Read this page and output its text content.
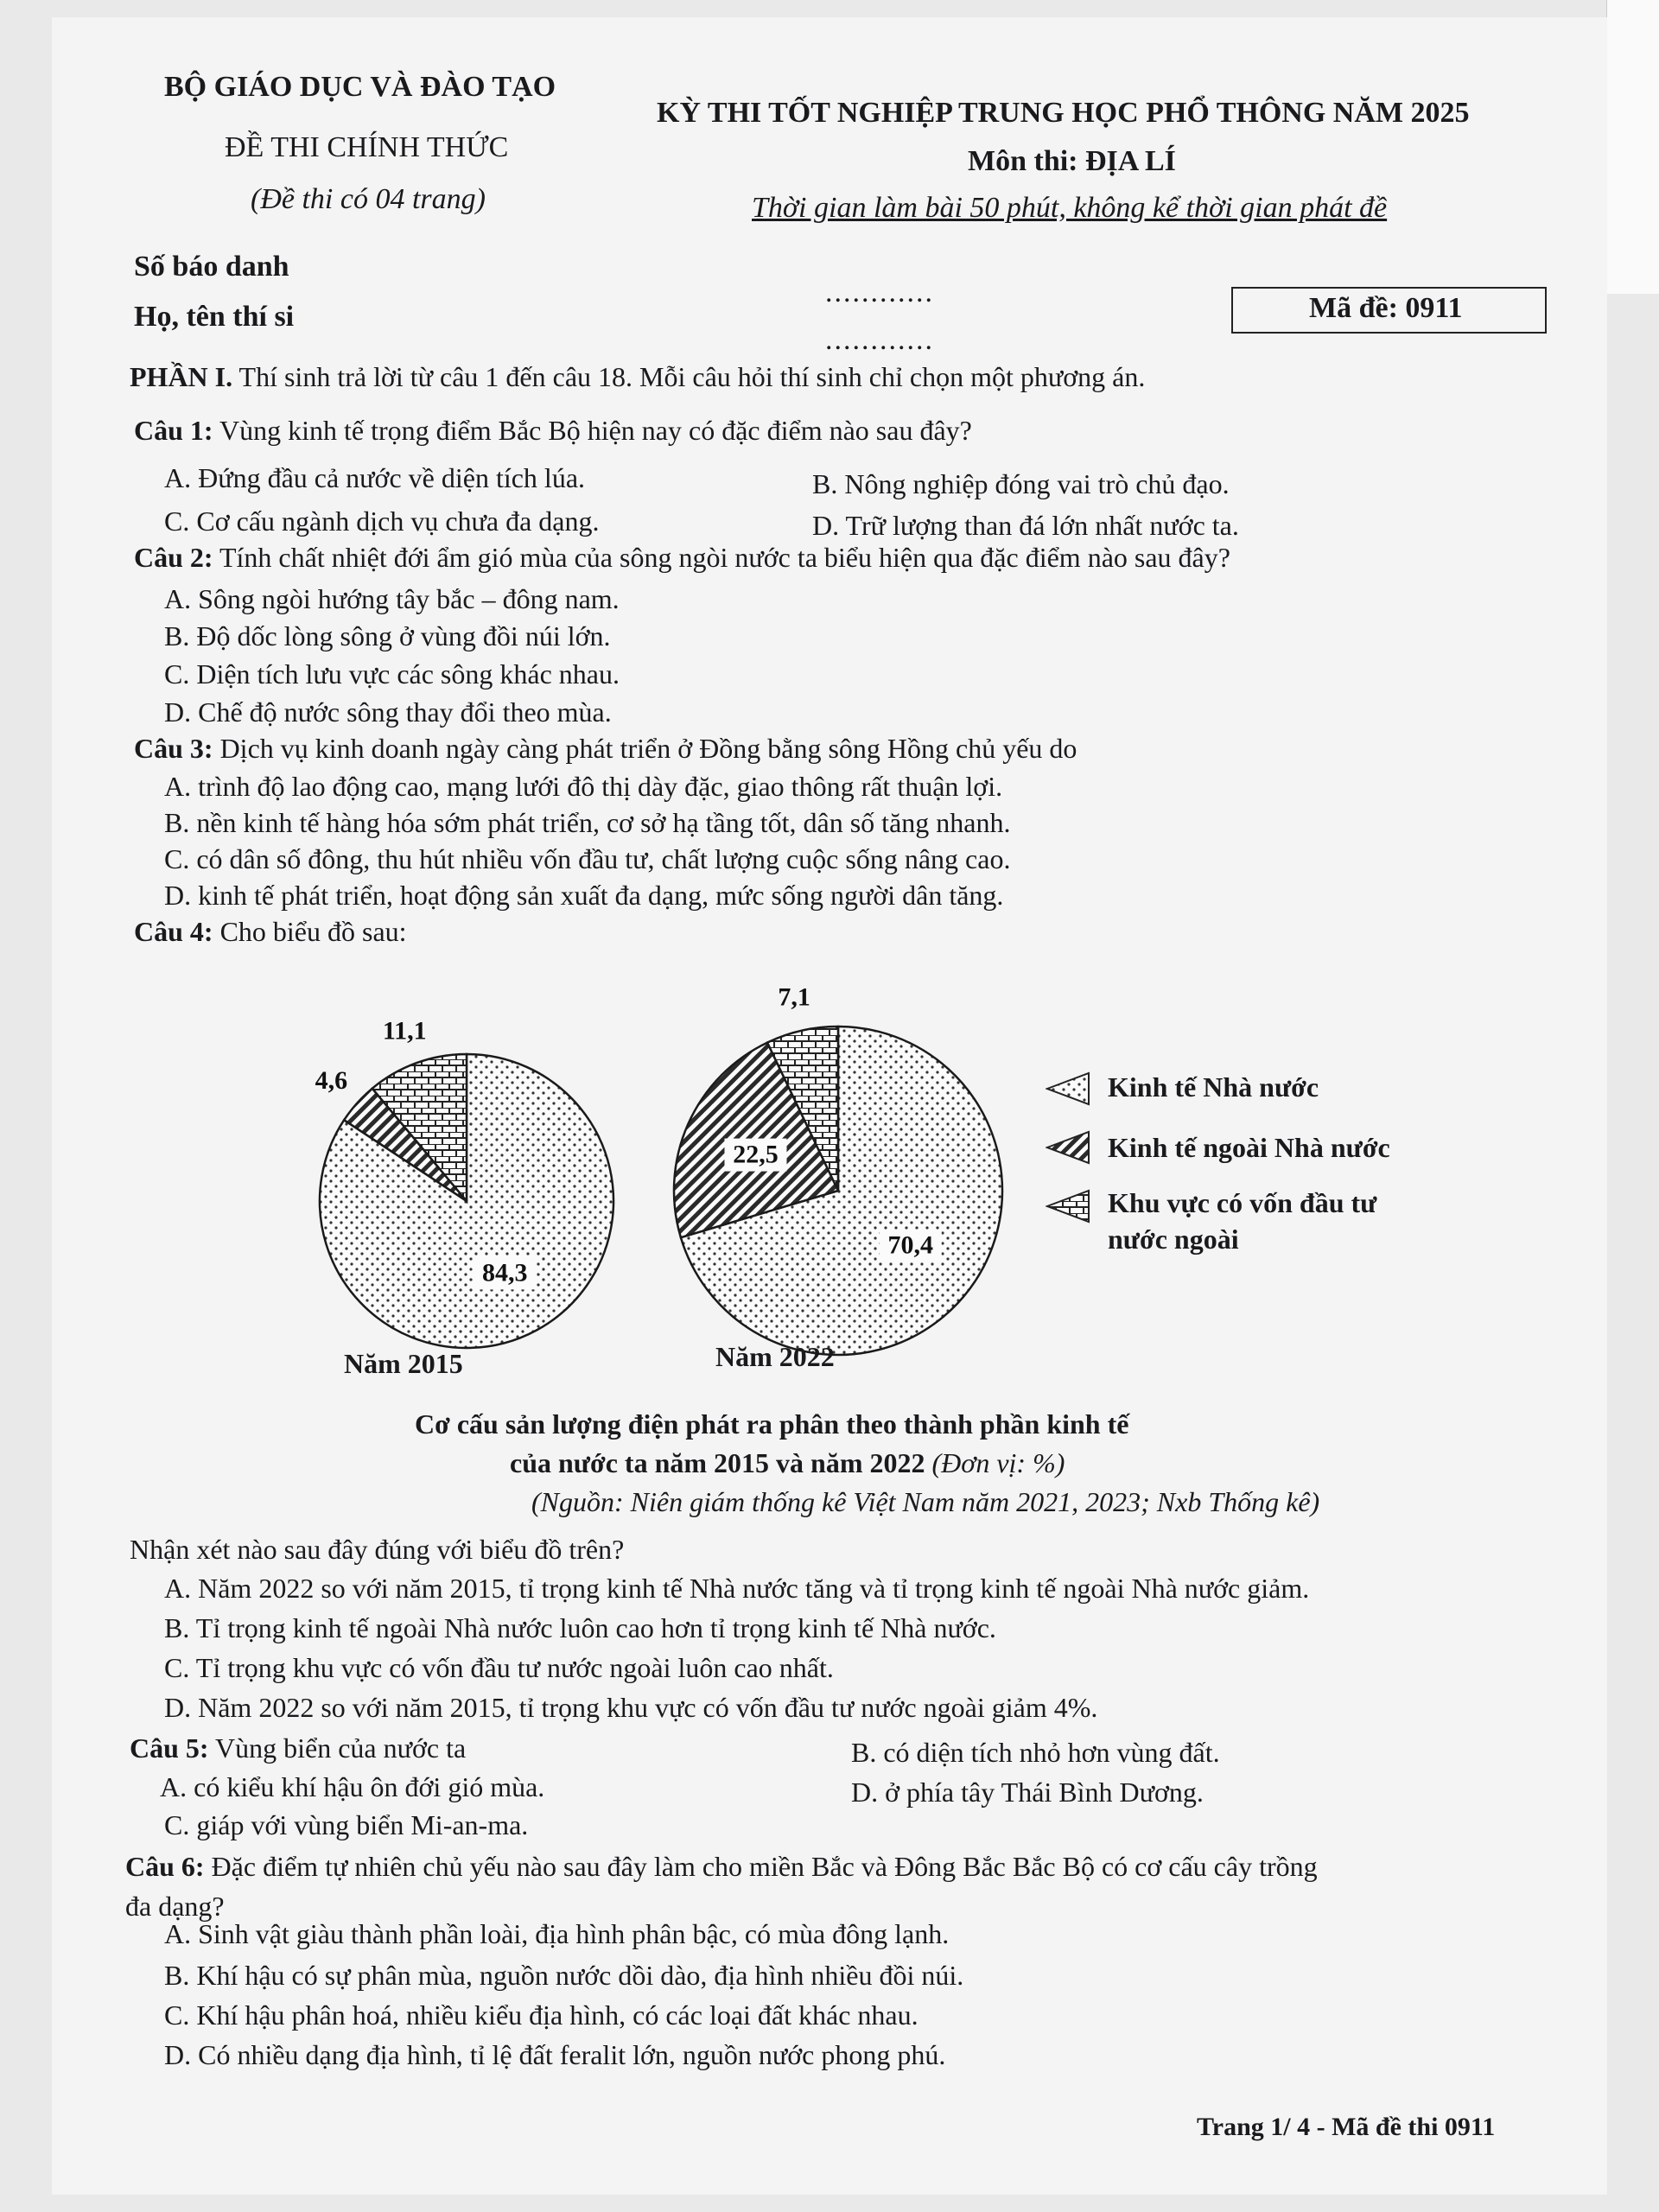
BỘ GIÁO DỤC VÀ ĐÀO TẠO
ĐỀ THI CHÍNH THỨC
(Đề thi có 04 trang)
KỲ THI TỐT NGHIỆP TRUNG HỌC PHỔ THÔNG NĂM 2025
Môn thi: ĐỊA LÍ
Thời gian làm bài 50 phút, không kể thời gian phát đề
Số báo danh
............
Họ, tên thí si
............
Mã đề: 0911
PHẦN I. Thí sinh trả lời từ câu 1 đến câu 18. Mỗi câu hỏi thí sinh chỉ chọn một phương án.
Câu 1: Vùng kinh tế trọng điểm Bắc Bộ hiện nay có đặc điểm nào sau đây?
A. Đứng đầu cả nước về diện tích lúa.	B. Nông nghiệp đóng vai trò chủ đạo.
C. Cơ cấu ngành dịch vụ chưa đa dạng.	D. Trữ lượng than đá lớn nhất nước ta.
Câu 2: Tính chất nhiệt đới ẩm gió mùa của sông ngòi nước ta biểu hiện qua đặc điểm nào sau đây?
A. Sông ngòi hướng tây bắc – đông nam.
B. Độ dốc lòng sông ở vùng đồi núi lớn.
C. Diện tích lưu vực các sông khác nhau.
D. Chế độ nước sông thay đổi theo mùa.
Câu 3: Dịch vụ kinh doanh ngày càng phát triển ở Đồng bằng sông Hồng chủ yếu do
A. trình độ lao động cao, mạng lưới đô thị dày đặc, giao thông rất thuận lợi.
B. nền kinh tế hàng hóa sớm phát triển, cơ sở hạ tầng tốt, dân số tăng nhanh.
C. có dân số đông, thu hút nhiều vốn đầu tư, chất lượng cuộc sống nâng cao.
D. kinh tế phát triển, hoạt động sản xuất đa dạng, mức sống người dân tăng.
Câu 4: Cho biểu đồ sau:
84,3
4,6
11,1
70,4
22,5
7,1
Kinh tế Nhà nước
Kinh tế ngoài Nhà nước
Khu vực có vốn đầu tư
nước ngoài
Năm 2015	Năm 2022
Cơ cấu sản lượng điện phát ra phân theo thành phần kinh tế
của nước ta năm 2015 và năm 2022 (Đơn vị: %)
(Nguồn: Niên giám thống kê Việt Nam năm 2021, 2023; Nxb Thống kê)
Nhận xét nào sau đây đúng với biểu đồ trên?
A. Năm 2022 so với năm 2015, tỉ trọng kinh tế Nhà nước tăng và tỉ trọng kinh tế ngoài Nhà nước giảm.
B. Tỉ trọng kinh tế ngoài Nhà nước luôn cao hơn tỉ trọng kinh tế Nhà nước.
C. Tỉ trọng khu vực có vốn đầu tư nước ngoài luôn cao nhất.
D. Năm 2022 so với năm 2015, tỉ trọng khu vực có vốn đầu tư nước ngoài giảm 4%.
Câu 5: Vùng biển của nước ta
A. có kiểu khí hậu ôn đới gió mùa.
B. có diện tích nhỏ hơn vùng đất.
C. giáp với vùng biển Mi-an-ma.
D. ở phía tây Thái Bình Dương.
Câu 6: Đặc điểm tự nhiên chủ yếu nào sau đây làm cho miền Bắc và Đông Bắc Bắc Bộ có cơ cấu cây trồng
đa dạng?
A. Sinh vật giàu thành phần loài, địa hình phân bậc, có mùa đông lạnh.
B. Khí hậu có sự phân mùa, nguồn nước dồi dào, địa hình nhiều đồi núi.
C. Khí hậu phân hoá, nhiều kiểu địa hình, có các loại đất khác nhau.
D. Có nhiều dạng địa hình, tỉ lệ đất feralit lớn, nguồn nước phong phú.
Trang 1/ 4 - Mã đề thi 0911
